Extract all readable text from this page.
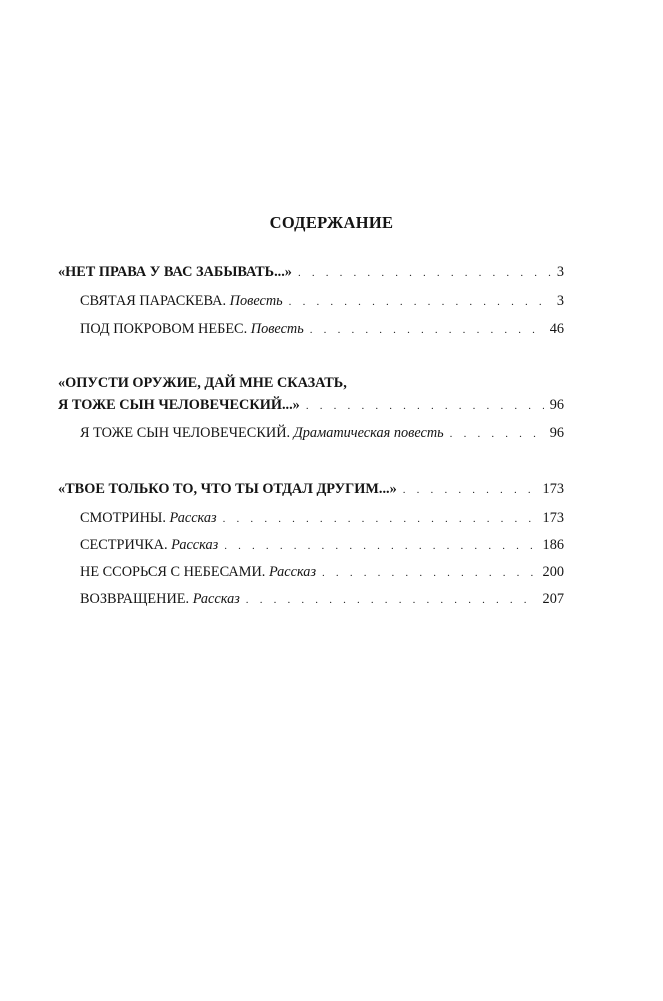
СОДЕРЖАНИЕ
«НЕТ ПРАВА У ВАС ЗАБЫВАТЬ...» . . .	3
СВЯТАЯ ПАРАСКЕВА. Повесть . . .	3
ПОД ПОКРОВОМ НЕБЕС. Повесть . . .	46
«ОПУСТИ ОРУЖИЕ, ДАЙ МНЕ СКАЗАТЬ,
Я ТОЖЕ СЫН ЧЕЛОВЕЧЕСКИЙ...» . . .	96
Я ТОЖЕ СЫН ЧЕЛОВЕЧЕСКИЙ. Драматическая повесть . . .	96
«ТВОЕ ТОЛЬКО ТО, ЧТО ТЫ ОТДАЛ ДРУГИМ...» . . .	173
СМОТРИНЫ. Рассказ . . .	173
СЕСТРИЧКА. Рассказ . . .	186
НЕ ССОРЬСЯ С НЕБЕСАМИ. Рассказ . . .	200
ВОЗВРАЩЕНИЕ. Рассказ . . .	207
